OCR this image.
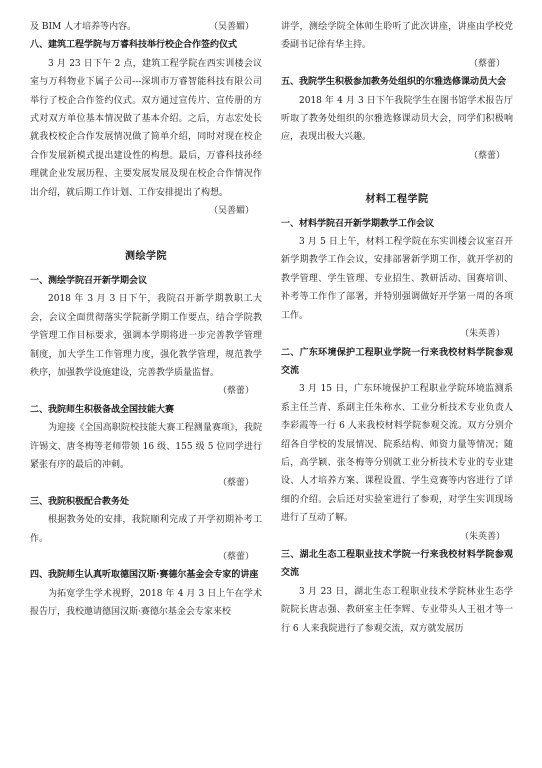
及 BIM 人才培养等内容。	（吴善媚）

八、建筑工程学院与万睿科技举行校企合作签约仪式

3 月 23 日下午 2 点，建筑工程学院在西实训楼会议室与万科物业下属子公司---深圳市万睿智能科技有限公司举行了校企合作签约仪式。双方通过宣传片、宣传册的方式对双方单位基本情况做了基本介绍。之后，方志宏处长就我校校企合作发展情况做了简单介绍，同时对现在校企合作发展新模式提出建设性的构想。最后，万睿科技孙经理就企业发展历程、主要发展发展及现在校企合作情况作出介绍，就后期工作计划、工作安排提出了构想。

（吴善媚）

测绘学院
一、测绘学院召开新学期会议

2018 年 3 月 3 日下午，我院召开新学期教职工大会，会议全面贯彻落实学院新学期工作要点，结合学院教学管理工作目标要求，强调本学期将进一步完善教学管理制度，加大学生工作管理力度，强化教学管理，规范教学秩序，加强教学设施建设，完善教学质量监督。

（蔡蕾）

二、我院师生积极备战全国技能大赛

为迎接《全国高职院校技能大赛工程测量赛项》，我院许锡文、唐冬梅等老师带领 16 级、155 级 5 位同学进行紧张有序的最后的冲刺。

（蔡蕾）

三、我院积极配合教务处

根据教务处的安排，我院顺利完成了开学初期补考工作。

（蔡蕾）

四、我院师生认真听取德国汉斯·赛德尔基金会专家的讲座

为拓宽学生学术视野，2018 年 4 月 3 日上午在学术报告厅，我校邀请德国汉斯·赛德尔基金会专家来校

讲学，测绘学院全体师生聆听了此次讲座，讲座由学校党委副书记徐有华主持。

（蔡蕾）

五、我院学生积极参加教务处组织的尔雅选修课动员大会

2018 年 4 月 3 日下午我院学生在图书馆学术报告厅听取了教务处组织的尔雅选修课动员大会，同学们积极响应，表现出极大兴趣。

（蔡蕾）

材料工程学院
一、材料学院召开新学期教学工作会议

3 月 5 日上午，材料工程学院在东实训楼会议室召开新学期教学工作会议，安排部署新学期工作，就开学初的教学管理、学生管理、专业招生、教研活动、国赛培训、补考等工作作了部署，并特别强调做好开学第一周的各项工作。

（朱英善）

二、广东环境保护工程职业学院一行来我校材料学院参观交流

3 月 15 日，广东环境保护工程职业学院环境监测系系主任兰青、系副主任朱称水、工业分析技术专业负责人李彩霞等一行 6 人来我校材料学院参观交流。双方分别介绍各自学校的发展情况、院系结构、师资力量等情况；随后，高学颖、张冬梅等分别就工业分析技术专业的专业建设、人才培养方案、课程设置、学生竞赛等内容进行了详细的介绍。会后还对实验室进行了参观，对学生实训现场进行了互动了解。

（朱英善）

三、湖北生态工程职业技术学院一行来我校材料学院参观交流

3 月 23 日，湖北生态工程职业技术学院林业生态学院院长唐志强、教研室主任李辉、专业带头人王祖才等一行 6 人来我院进行了参观交流，双方就发展历
